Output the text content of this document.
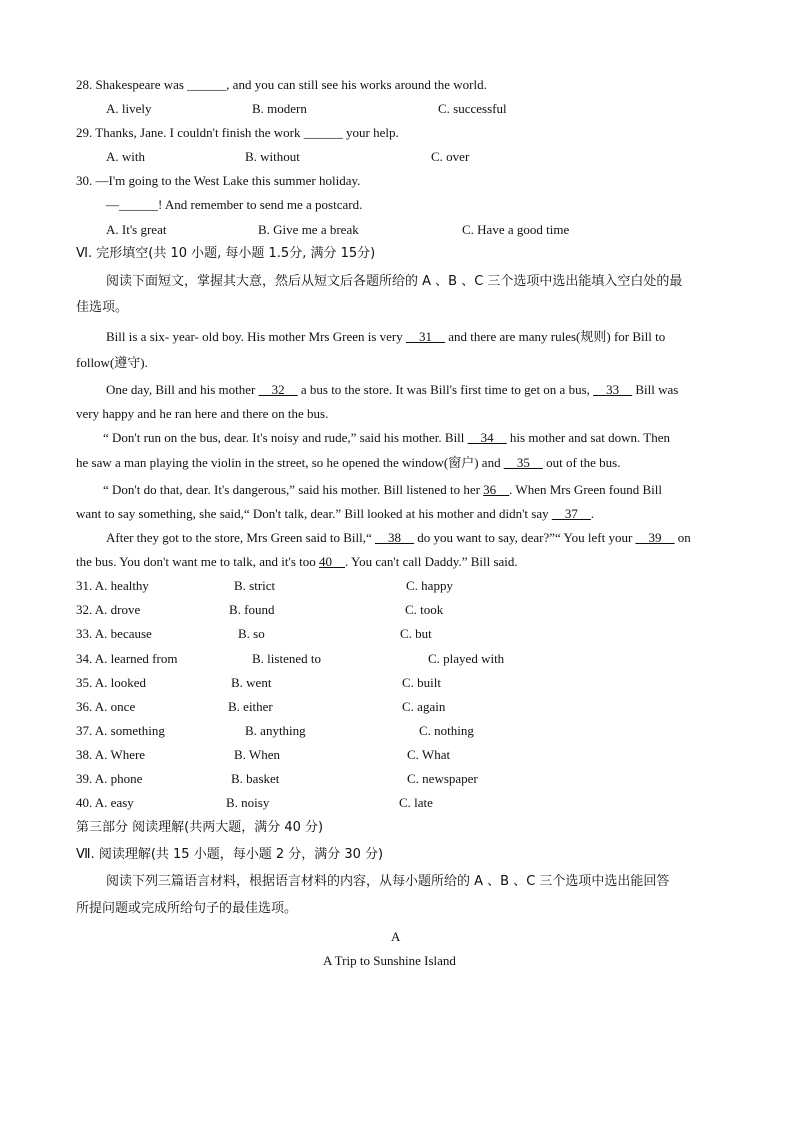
28. Shakespeare was ______, and you can still see his works around the world.
A. lively	B. modern	C. successful
29. Thanks, Jane. I couldn't finish the work ______ your help.
A. with	B. without	C. over
30. —I'm going to the West Lake this summer holiday.
—______! And remember to send me a postcard.
A. It's great	B. Give me a break	C. Have a good time
Ⅵ. 完形填空(共 10 小题, 每小题 1.5分, 满分 15分)
阅读下面短文，掌握其大意，然后从短文后各题所给的 A 、B 、C 三个选项中选出能填入空白处的最
佳选项。
Bill is a six- year- old boy. His mother Mrs Green is very __31__ and there are many rules(规则) for Bill to
follow(遵守).
One day, Bill and his mother __32__ a bus to the store. It was Bill's first time to get on a bus, __33__ Bill was
very happy and he ran here and there on the bus.
“ Don't run on the bus, dear. It's noisy and rude,” said his mother. Bill __34__ his mother and sat down. Then
he saw a man playing the violin in the street, so he opened the window(窗户) and __35__ out of the bus.
“ Don't do that, dear. It's dangerous,” said his mother. Bill listened to her 36__. When Mrs Green found Bill
want to say something, she said,“ Don't talk, dear.” Bill looked at his mother and didn't say __37__.
After they got to the store, Mrs Green said to Bill,“ __38__ do you want to say, dear?”“ You left your __39__ on
the bus. You don't want me to talk, and it's too 40__. You can't call Daddy.” Bill said.
31. A. healthy	B. strict	C. happy
32. A. drove	B. found	C. took
33. A. because	B. so	C. but
34. A. learned from	B. listened to	C. played with
35. A. looked	B. went	C. built
36. A. once	B. either	C. again
37. A. something	B. anything	C. nothing
38. A. Where	B. When	C. What
39. A. phone	B. basket	C. newspaper
40. A. easy	B. noisy	C. late
第三部分 阅读理解(共两大题，满分 40 分)
Ⅶ. 阅读理解(共 15 小题，每小题 2 分，满分 30 分)
阅读下列三篇语言材料，根据语言材料的内容，从每小题所给的 A 、B 、C 三个选项中选出能回答
所提问题或完成所给句子的最佳选项。
A
A Trip to Sunshine Island
